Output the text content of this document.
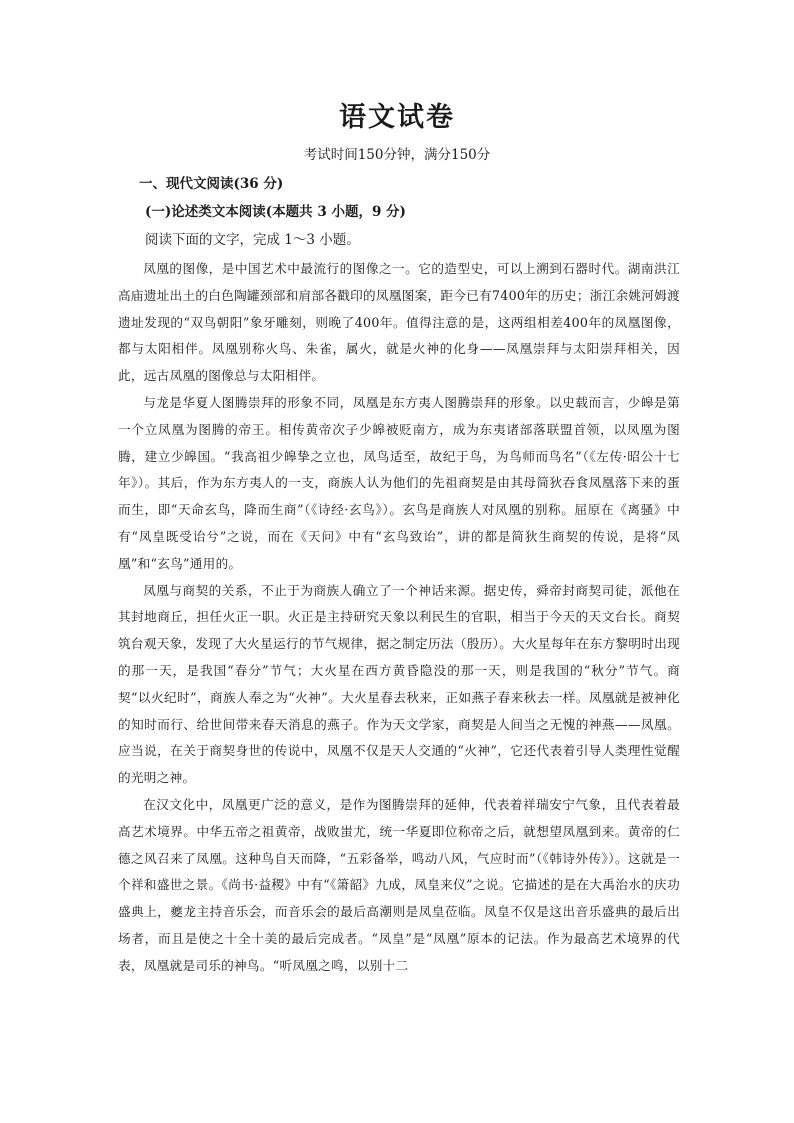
语文试卷
考试时间150分钟，满分150分
一、现代文阅读(36 分)
(一)论述类文本阅读(本题共 3 小题，9 分)
阅读下面的文字，完成 1～3 小题。

凤凰的图像，是中国艺术中最流行的图像之一。它的造型史，可以上溯到石器时代。湖南洪江高庙遗址出土的白色陶罐颈部和肩部各戳印的凤凰图案，距今已有7400年的历史；浙江余姚河姆渡遗址发现的“双鸟朝阳”象牙雕刻，则晚了400年。值得注意的是，这两组相差400年的凤凰图像，都与太阳相伴。凤凰别称火鸟、朱雀，属火，就是火神的化身——凤凰崇拜与太阳崇拜相关，因此，远古凤凰的图像总与太阳相伴。

与龙是华夏人图腾崇拜的形象不同，凤凰是东方夷人图腾崇拜的形象。以史载而言，少皞是第一个立凤凰为图腾的帝王。相传黄帝次子少皞被贬南方，成为东夷诸部落联盟首领，以凤凰为图腾，建立少皞国。“我高祖少皞挚之立也，凤鸟适至，故纪于鸟，为鸟师而鸟名”（《左传·昭公十七年》）。其后，作为东方夷人的一支，商族人认为他们的先祖商契是由其母简狄吞食凤凰落下来的蛋而生，即“天命玄鸟，降而生商”（《诗经·玄鸟》）。玄鸟是商族人对凤凰的别称。屈原在《离骚》中有“凤皇既受诒兮”之说，而在《天问》中有“玄鸟致诒”，讲的都是简狄生商契的传说，是将“凤凰”和“玄鸟”通用的。

凤凰与商契的关系，不止于为商族人确立了一个神话来源。据史传，舜帝封商契司徒，派他在其封地商丘，担任火正一职。火正是主持研究天象以利民生的官职，相当于今天的天文台长。商契筑台观天象，发现了大火星运行的节气规律，据之制定历法（殷历）。大火星每年在东方黎明时出现的那一天，是我国“春分”节气；大火星在西方黄昏隐没的那一天，则是我国的“秋分”节气。商契“以火纪时”，商族人奉之为“火神”。大火星春去秋来，正如燕子春来秋去一样。凤凰就是被神化的知时而行、给世间带来春天消息的燕子。作为天文学家，商契是人间当之无愧的神燕——凤凰。应当说，在关于商契身世的传说中，凤凰不仅是天人交通的“火神”，它还代表着引导人类理性觉醒的光明之神。

在汉文化中，凤凰更广泛的意义，是作为图腾崇拜的延伸，代表着祥瑞安宁气象，且代表着最高艺术境界。中华五帝之祖黄帝，战败蚩尤，统一华夏即位称帝之后，就想望凤凰到来。黄帝的仁德之风召来了凤凰。这种鸟自天而降，“五彩备举，鸣动八风，气应时而”（《韩诗外传》）。这就是一个祥和盛世之景。《尚书·益稷》中有“《箫韶》九成，凤皇来仪”之说。它描述的是在大禹治水的庆功盛典上，夔龙主持音乐会，而音乐会的最后高潮则是凤皇莅临。凤皇不仅是这出音乐盛典的最后出场者，而且是使之十全十美的最后完成者。“凤皇”是“凤凰”原本的记法。作为最高艺术境界的代表，凤凰就是司乐的神鸟。“听凤凰之鸣，以别十二
